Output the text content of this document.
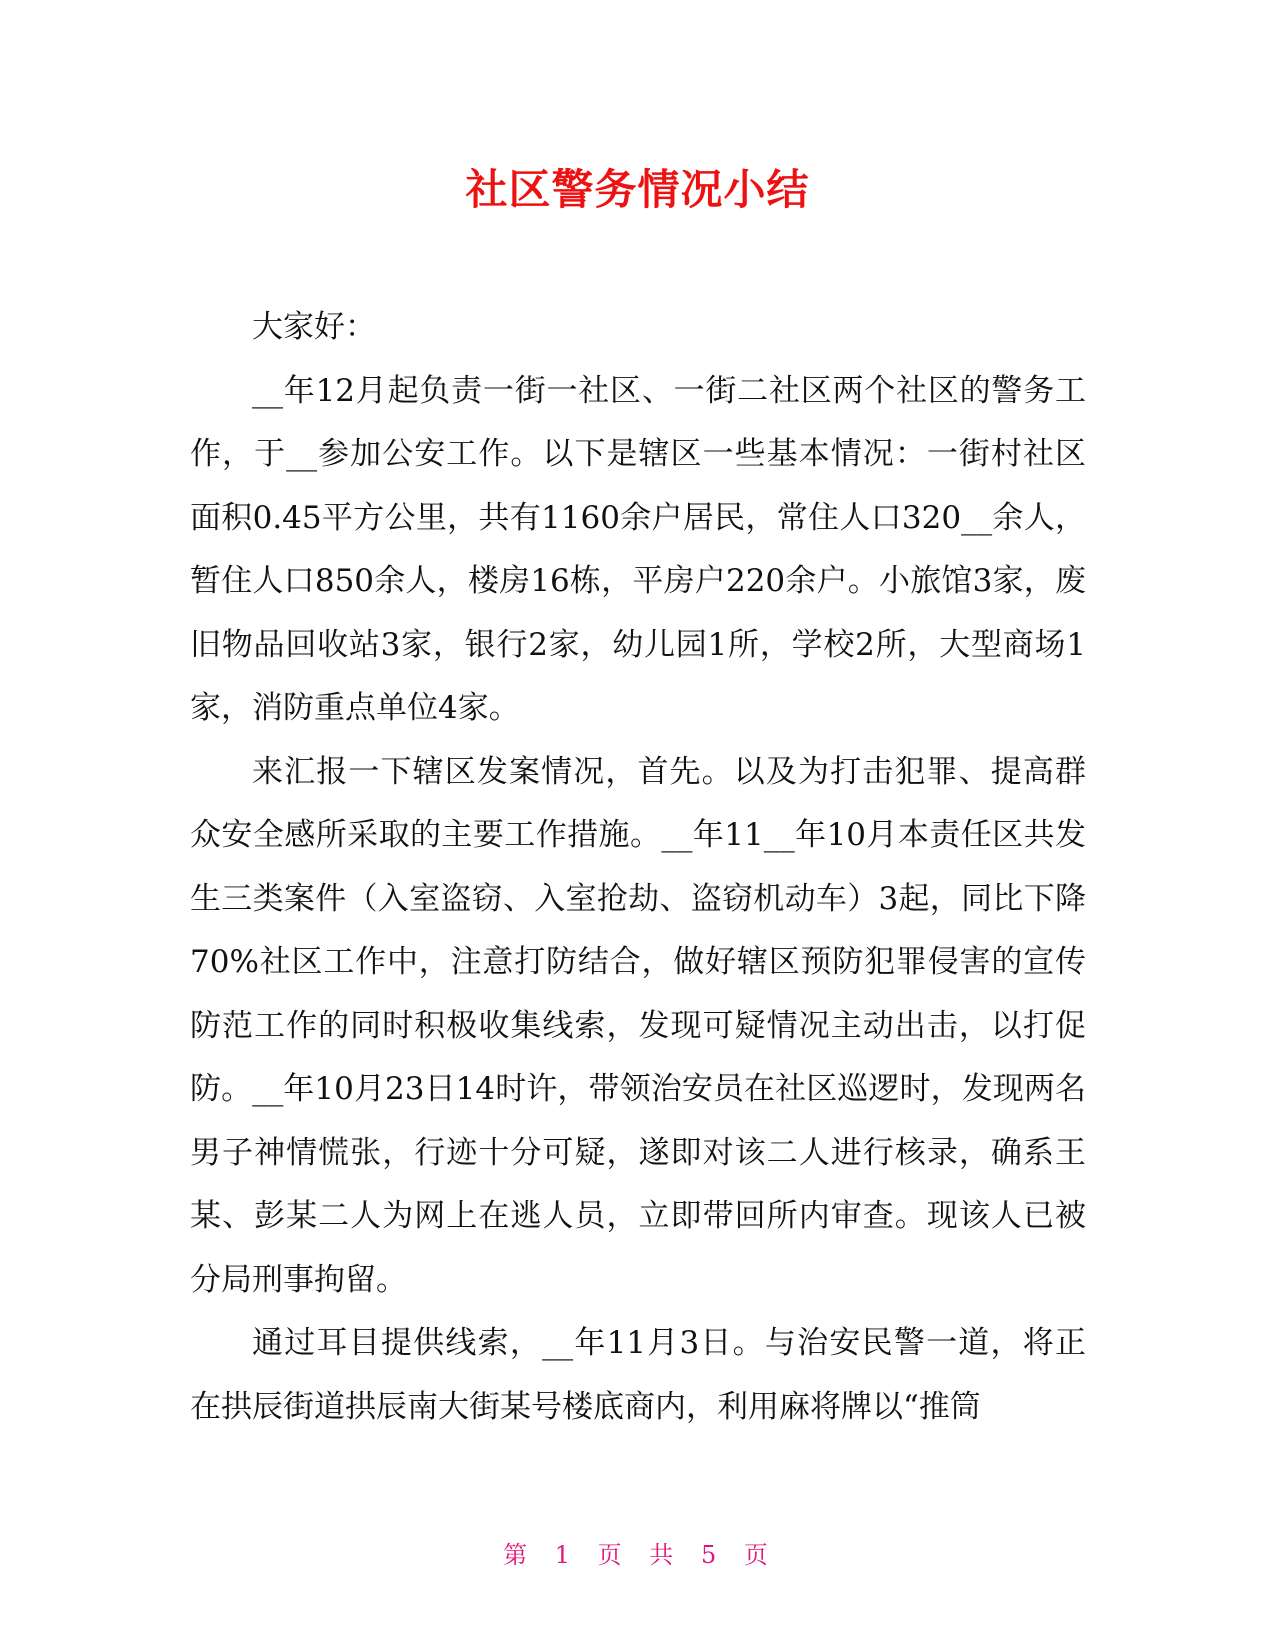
社区警务情况小结

大家好：

__年12月起负责一街一社区、一街二社区两个社区的警务工作，于__参加公安工作。以下是辖区一些基本情况：一街村社区面积0.45平方公里，共有1160余户居民，常住人口320__余人，暂住人口850余人，楼房16栋，平房户220余户。小旅馆3家，废旧物品回收站3家，银行2家，幼儿园1所，学校2所，大型商场1家，消防重点单位4家。

来汇报一下辖区发案情况，首先。以及为打击犯罪、提高群众安全感所采取的主要工作措施。__年11__年10月本责任区共发生三类案件（入室盗窃、入室抢劫、盗窃机动车）3起，同比下降70%社区工作中，注意打防结合，做好辖区预防犯罪侵害的宣传防范工作的同时积极收集线索，发现可疑情况主动出击，以打促防。__年10月23日14时许，带领治安员在社区巡逻时，发现两名男子神情慌张，行迹十分可疑，遂即对该二人进行核录，确系王某、彭某二人为网上在逃人员，立即带回所内审查。现该人已被分局刑事拘留。

通过耳目提供线索，__年11月3日。与治安民警一道，将正在拱辰街道拱辰南大街某号楼底商内，利用麻将牌以“推筒

第 1 页 共 5 页
